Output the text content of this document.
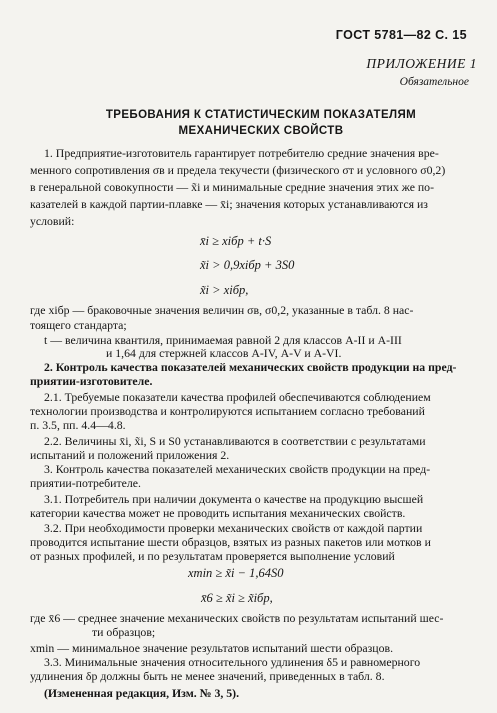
ГОСТ 5781—82 С. 15
ПРИЛОЖЕНИЕ 1
Обязательное
ТРЕБОВАНИЯ К СТАТИСТИЧЕСКИМ ПОКАЗАТЕЛЯМ
МЕХАНИЧЕСКИХ СВОЙСТВ
1. Предприятие-изготовитель гарантирует потребителю средние значения вре-
менного сопротивления σв и предела текучести (физического σт и условного σ0,2)
в генеральной совокупности — x̃i и минимальные средние значения этих же по-
казателей в каждой партии-плавке — x̄i; значения которых устанавливаются из
условий:
x̄i ≥ xiбр + t·S
x̃i > 0,9xiбр + 3S0
x̃i > xiбр,
где xiбр — браковочные значения величин σв, σ0,2, указанные в табл. 8 нас-
тоящего стандарта;
t — величина квантиля, принимаемая равной 2 для классов А-II и А-III
и 1,64 для стержней классов А-IV, А-V и А-VI.
2. Контроль качества показателей механических свойств продукции на пред-
приятии-изготовителе.
2.1. Требуемые показатели качества профилей обеспечиваются соблюдением
технологии производства и контролируются испытанием согласно требований
п. 3.5, пп. 4.4—4.8.
2.2. Величины x̄i, x̃i, S и S0 устанавливаются в соответствии с результатами
испытаний и положений приложения 2.
3. Контроль качества показателей механических свойств продукции на пред-
приятии-потребителе.
3.1. Потребитель при наличии документа о качестве на продукцию высшей
категории качества может не проводить испытания механических свойств.
3.2. При необходимости проверки механических свойств от каждой партии
проводится испытание шести образцов, взятых из разных пакетов или мотков и
от разных профилей, и по результатам проверяется выполнение условий
xmin ≥ x̃i − 1,64S0
x̄6 ≥ x̃i ≥ x̃iбр,
где x̄6 — среднее значение механических свойств по результатам испытаний шес-
ти образцов;
xmin — минимальное значение результатов испытаний шести образцов.
3.3. Минимальные значения относительного удлинения δ5 и равномерного
удлинения δр должны быть не менее значений, приведенных в табл. 8.
(Измененная редакция, Изм. № 3, 5).
